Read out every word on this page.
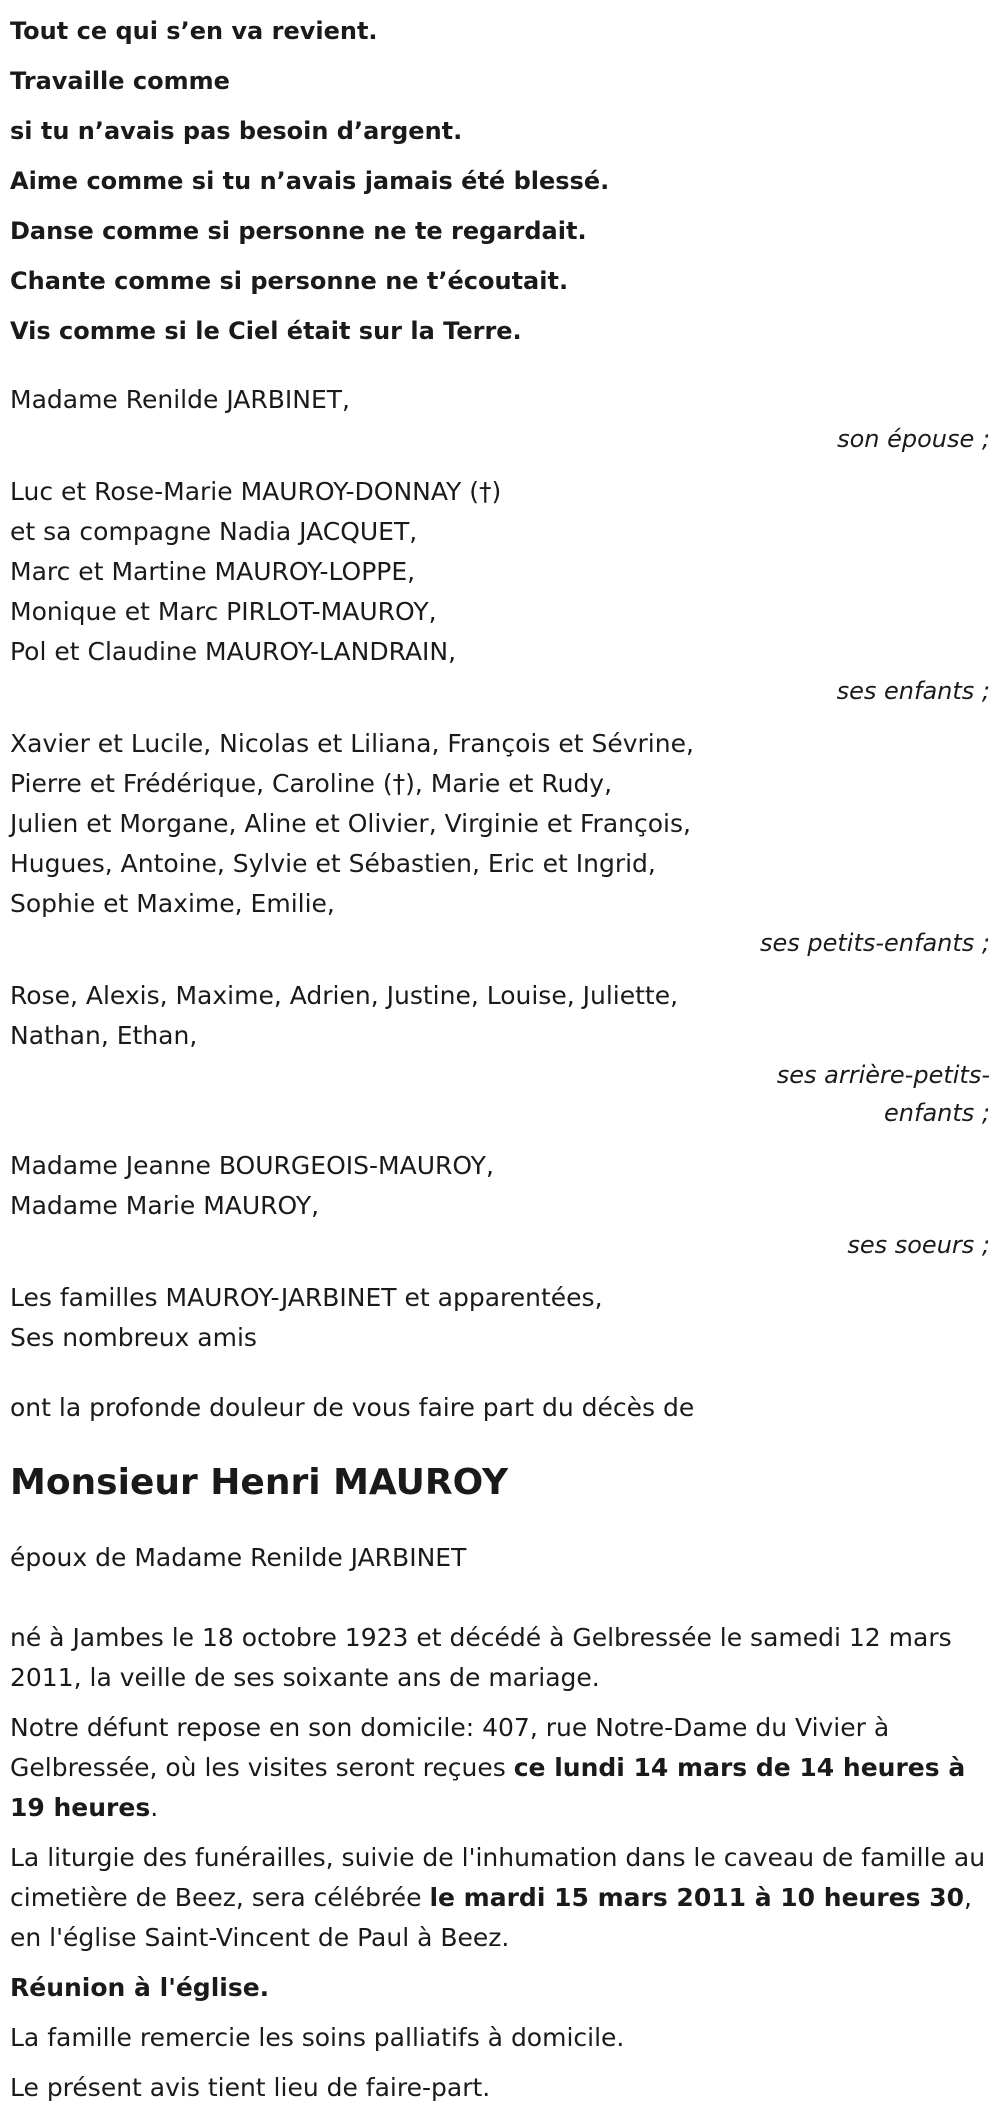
Tout ce qui s’en va revient.

Travaille comme

si tu n’avais pas besoin d’argent.

Aime comme si tu n’avais jamais été blessé.

Danse comme si personne ne te regardait.

Chante comme si personne ne t’écoutait.

Vis comme si le Ciel était sur la Terre.

Madame Renilde JARBINET,
son épouse ;
Luc et Rose-Marie MAUROY-DONNAY (†)
et sa compagne Nadia JACQUET,
Marc et Martine MAUROY-LOPPE,
Monique et Marc PIRLOT-MAUROY,
Pol et Claudine MAUROY-LANDRAIN,
ses enfants ;
Xavier et Lucile, Nicolas et Liliana, François et Sévrine,
Pierre et Frédérique, Caroline (†), Marie et Rudy,
Julien et Morgane, Aline et Olivier, Virginie et François,
Hugues, Antoine, Sylvie et Sébastien, Eric et Ingrid,
Sophie et Maxime, Emilie,
ses petits-enfants ;
Rose, Alexis, Maxime, Adrien, Justine, Louise, Juliette,
Nathan, Ethan,
ses arrière-petits-
enfants ;
Madame Jeanne BOURGEOIS-MAUROY,
Madame Marie MAUROY,
ses soeurs ;
Les familles MAUROY-JARBINET et apparentées,
Ses nombreux amis

ont la profonde douleur de vous faire part du décès de

Monsieur Henri MAUROY

époux de Madame Renilde JARBINET

né à Jambes le 18 octobre 1923 et décédé à Gelbressée le samedi 12 mars 2011, la veille de ses soixante ans de mariage.

Notre défunt repose en son domicile: 407, rue Notre-Dame du Vivier à Gelbressée, où les visites seront reçues ce lundi 14 mars de 14 heures à 19 heures.

La liturgie des funérailles, suivie de l'inhumation dans le caveau de famille au cimetière de Beez, sera célébrée le mardi 15 mars 2011 à 10 heures 30, en l'église Saint-Vincent de Paul à Beez.

Réunion à l'église.

La famille remercie les soins palliatifs à domicile.

Le présent avis tient lieu de faire-part.
